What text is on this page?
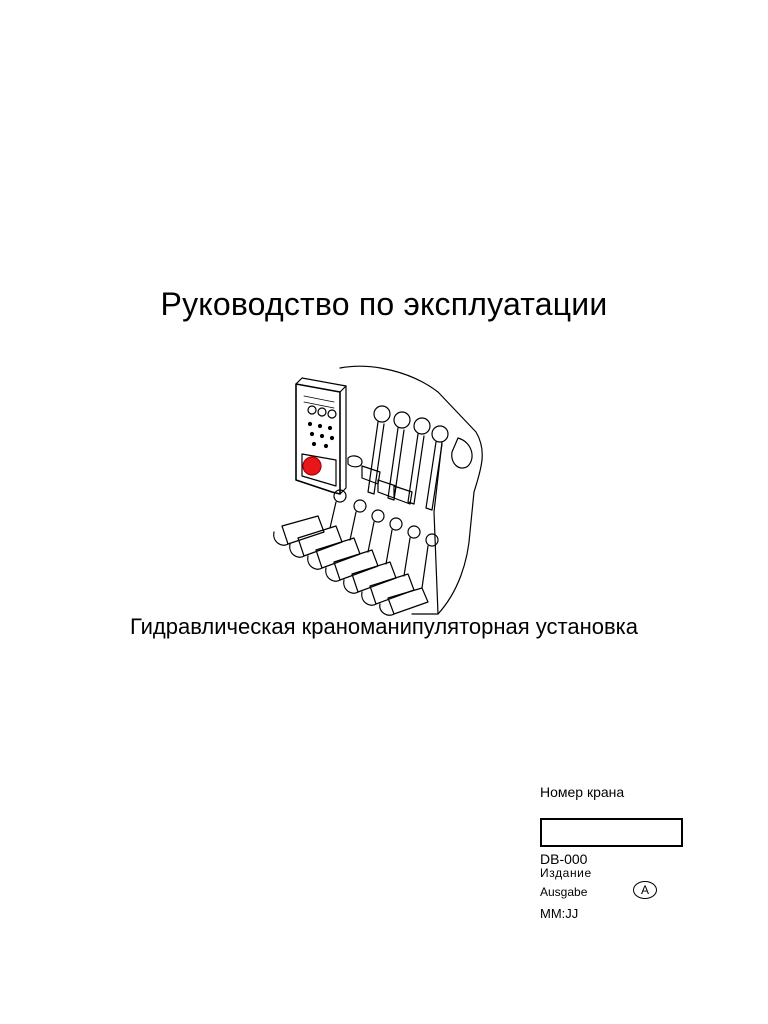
Руководство по эксплуатации
Гидравлическая краноманипуляторная установка
Номер крана
DB-000
Издание
Ausgabe	A
MM:JJ
